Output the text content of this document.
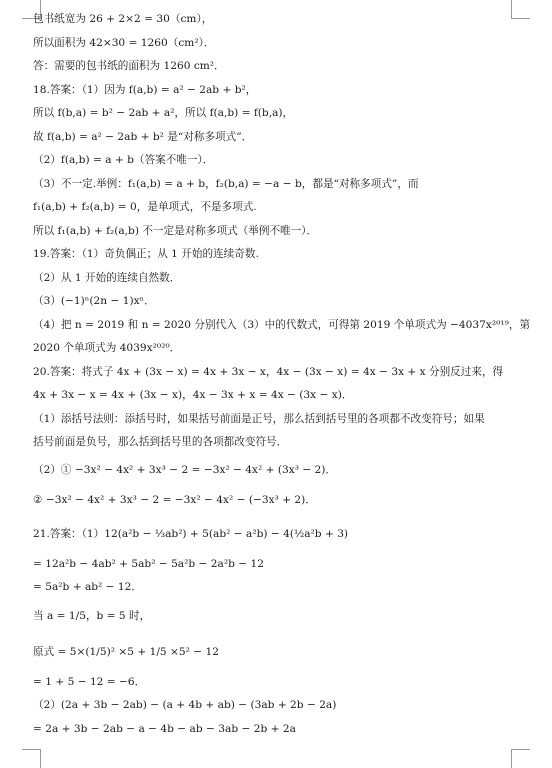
包书纸宽为 26 + 2×2 = 30（cm），
所以面积为 42×30 = 1260（cm²）．
答：需要的包书纸的面积为 1260 cm²．
18.答案：（1）因为 f(a,b) = a² − 2ab + b²，
所以 f(b,a) = b² − 2ab + a²，所以 f(a,b) = f(b,a)，
故 f(a,b) = a² − 2ab + b² 是“对称多项式”．
（2）f(a,b) = a + b（答案不唯一）．
（3）不一定.举例：f₁(a,b) = a + b，f₂(b,a) = −a − b，都是“对称多项式”，而
f₁(a,b) + f₂(a,b) = 0，是单项式，不是多项式.
所以 f₁(a,b) + f₂(a,b) 不一定是对称多项式（举例不唯一）．
19.答案：（1）奇负偶正；从 1 开始的连续奇数.
（2）从 1 开始的连续自然数．
（3）(−1)ⁿ(2n − 1)xⁿ．
（4）把 n = 2019 和 n = 2020 分别代入（3）中的代数式，可得第 2019 个单项式为 −4037x²⁰¹⁹，第
2020 个单项式为 4039x²⁰²⁰．
20.答案：将式子 4x + (3x − x) = 4x + 3x − x，4x − (3x − x) = 4x − 3x + x 分别反过来，得
4x + 3x − x = 4x + (3x − x)，4x − 3x + x = 4x − (3x − x)．
（1）添括号法则：添括号时，如果括号前面是正号，那么括到括号里的各项都不改变符号；如果
括号前面是负号，那么括到括号里的各项都改变符号．
（2）① −3x² − 4x² + 3x³ − 2 = −3x² − 4x² + (3x³ − 2)．
② −3x² − 4x² + 3x³ − 2 = −3x² − 4x² − (−3x³ + 2)．
21.答案：（1）12(a²b − ⅓ab²) + 5(ab² − a²b) − 4(½a²b + 3)
= 12a²b − 4ab² + 5ab² − 5a²b − 2a²b − 12
= 5a²b + ab² − 12．
当 a = 1/5，b = 5 时，
原式 = 5×(1/5)² ×5 + 1/5 ×5² − 12
= 1 + 5 − 12 = −6．
（2）(2a + 3b − 2ab) − (a + 4b + ab) − (3ab + 2b − 2a)
= 2a + 3b − 2ab − a − 4b − ab − 3ab − 2b + 2a
